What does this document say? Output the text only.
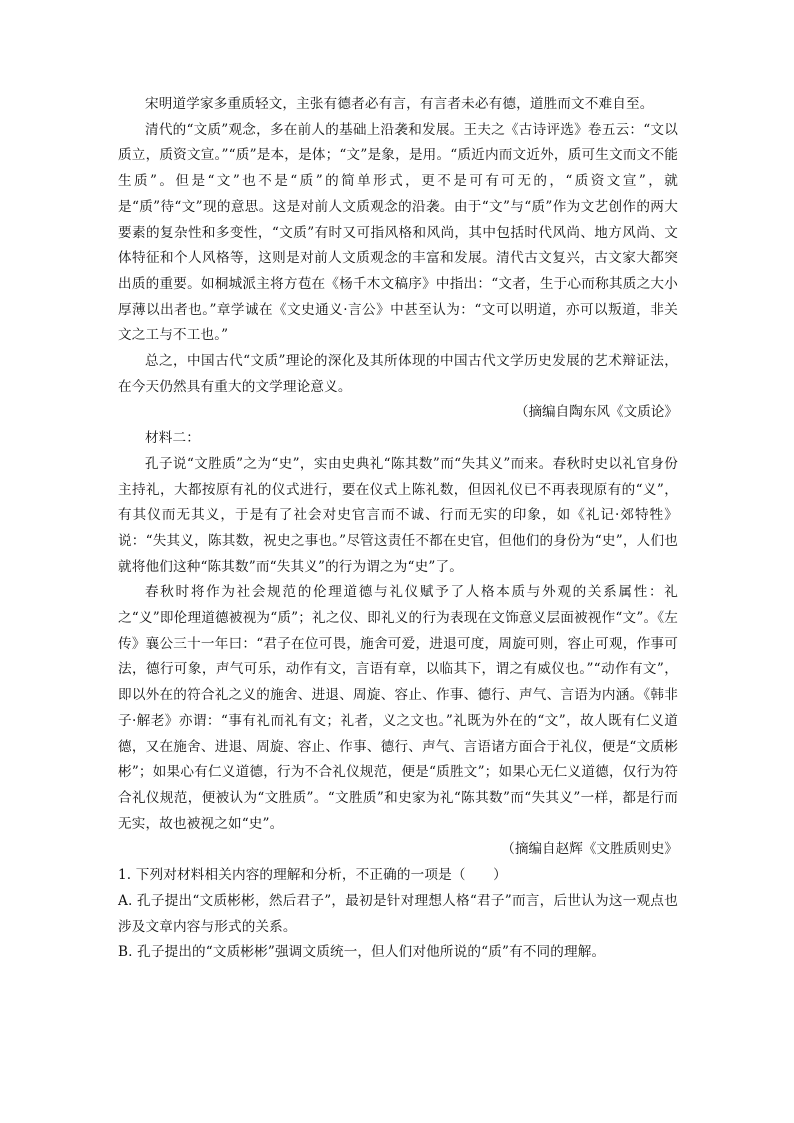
宋明道学家多重质轻文，主张有德者必有言，有言者未必有德，道胜而文不难自至。

清代的“文质”观念，多在前人的基础上沿袭和发展。王夫之《古诗评选》卷五云：“文以质立，质资文宣。”“质”是本，是体；“文”是象，是用。“质近内而文近外，质可生文而文不能生质”。但是“文”也不是“质”的简单形式，更不是可有可无的，“质资文宣”，就是“质”待“文”现的意思。这是对前人文质观念的沿袭。由于“文”与“质”作为文艺创作的两大要素的复杂性和多变性，“文质”有时又可指风格和风尚，其中包括时代风尚、地方风尚、文体特征和个人风格等，这则是对前人文质观念的丰富和发展。清代古文复兴，古文家大都突出质的重要。如桐城派主将方苞在《杨千木文稿序》中指出：“文者，生于心而称其质之大小厚薄以出者也。”章学诚在《文史通义·言公》中甚至认为：“文可以明道，亦可以叛道，非关文之工与不工也。”

总之，中国古代“文质”理论的深化及其所体现的中国古代文学历史发展的艺术辩证法，在今天仍然具有重大的文学理论意义。

（摘编自陶东风《文质论》

材料二：

孔子说“文胜质”之为“史”，实由史典礼“陈其数”而“失其义”而来。春秋时史以礼官身份主持礼，大都按原有礼的仪式进行，要在仪式上陈礼数，但因礼仪已不再表现原有的“义”，有其仪而无其义，于是有了社会对史官言而不诚、行而无实的印象，如《礼记·郊特牲》说：“失其义，陈其数，祝史之事也。”尽管这责任不都在史官，但他们的身份为“史”，人们也就将他们这种“陈其数”而“失其义”的行为谓之为“史”了。

春秋时将作为社会规范的伦理道德与礼仪赋予了人格本质与外观的关系属性：礼之“义”即伦理道德被视为“质”；礼之仪、即礼义的行为表现在文饰意义层面被视作“文”。《左传》襄公三十一年曰：“君子在位可畏，施舍可爱，进退可度，周旋可则，容止可观，作事可法，德行可象，声气可乐，动作有文，言语有章，以临其下，谓之有威仪也。”“动作有文”，即以外在的符合礼之义的施舍、进退、周旋、容止、作事、德行、声气、言语为内涵。《韩非子·解老》亦谓：“事有礼而礼有文；礼者，义之文也。”礼既为外在的“文”，故人既有仁义道德，又在施舍、进退、周旋、容止、作事、德行、声气、言语诸方面合于礼仪，便是“文质彬彬”；如果心有仁义道德，行为不合礼仪规范，便是“质胜文”；如果心无仁义道德，仅行为符合礼仪规范，便被认为“文胜质”。“文胜质”和史家为礼“陈其数”而“失其义”一样，都是行而无实，故也被视之如“史”。

（摘编自赵辉《文胜质则史》

1. 下列对材料相关内容的理解和分析，不正确的一项是（　　）

A. 孔子提出“文质彬彬，然后君子”，最初是针对理想人格“君子”而言，后世认为这一观点也涉及文章内容与形式的关系。

B. 孔子提出的“文质彬彬”强调文质统一，但人们对他所说的“质”有不同的理解。
